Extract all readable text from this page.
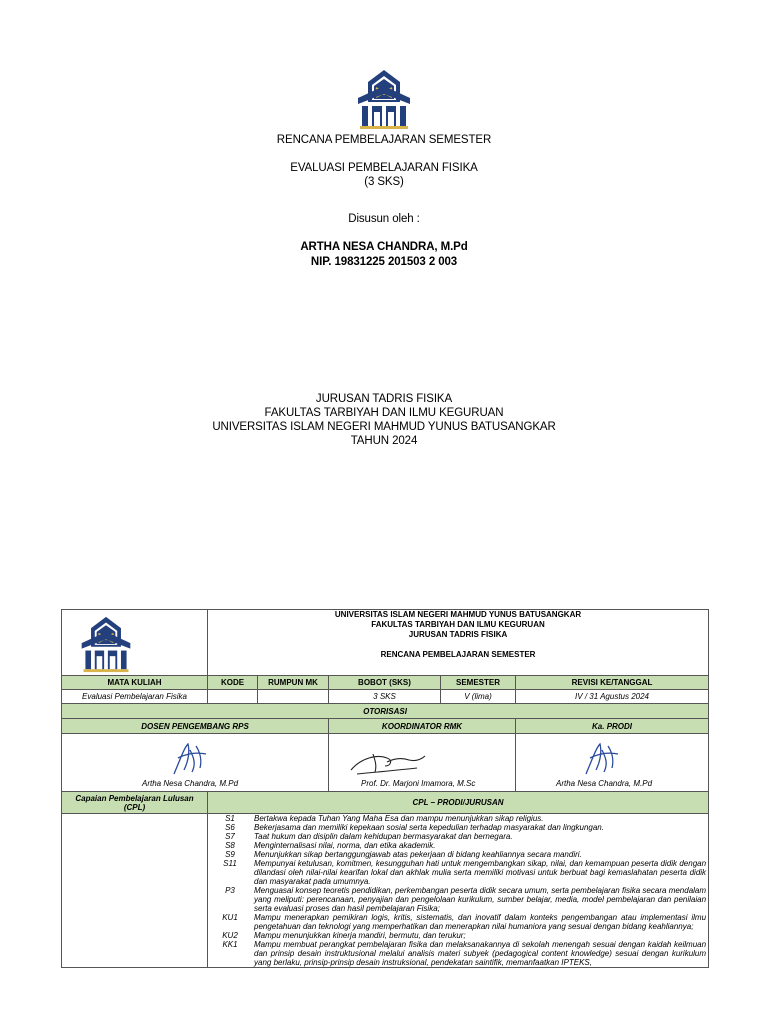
RENCANA PEMBELAJARAN SEMESTER
EVALUASI PEMBELAJARAN FISIKA
(3 SKS)
Disusun oleh :
ARTHA NESA CHANDRA, M.Pd
NIP. 19831225 201503 2 003
JURUSAN TADRIS FISIKA
FAKULTAS TARBIYAH DAN ILMU KEGURUAN
UNIVERSITAS ISLAM NEGERI MAHMUD YUNUS BATUSANGKAR
TAHUN 2024

UNIVERSITAS ISLAM NEGERI MAHMUD YUNUS BATUSANGKAR
FAKULTAS TARBIYAH DAN ILMU KEGURUAN
JURUSAN TADRIS FISIKA
RENCANA PEMBELAJARAN SEMESTER

MATA KULIAH	KODE	RUMPUN MK	BOBOT (SKS)	SEMESTER	REVISI KE/TANGGAL
Evaluasi Pembelajaran Fisika			3 SKS	V (lima)	IV / 31 Agustus 2024
OTORISASI
DOSEN PENGEMBANG RPS	KOORDINATOR RMK	Ka. PRODI

Artha Nesa Chandra, M.Pd	Prof. Dr. Marjoni Imamora, M.Sc	Artha Nesa Chandra, M.Pd

Capaian Pembelajaran Lulusan (CPL)	CPL – PRODI/JURUSAN

S1	Bertakwa kepada Tuhan Yang Maha Esa dan mampu menunjukkan sikap religius.
S6	Bekerjasama dan memiliki kepekaan sosial serta kepedulian terhadap masyarakat dan lingkungan.
S7	Taat hukum dan disiplin dalam kehidupan bermasyarakat dan bernegara.
S8	Menginternalisasi nilai, norma, dan etika akademik.
S9	Menunjukkan sikap bertanggungjawab atas pekerjaan di bidang keahliannya secara mandiri.
S11	Mempunyai ketulusan, komitmen, kesungguhan hati untuk mengembangkan sikap, nilai, dan kemampuan peserta didik dengan dilandasi oleh nilai-nilai kearifan lokal dan akhlak mulia serta memiliki motivasi untuk berbuat bagi kemaslahatan peserta didik dan masyarakat pada umumnya.
P3	Menguasai konsep teoretis pendidikan, perkembangan peserta didik secara umum, serta pembelajaran fisika secara mendalam yang meliputi: perencanaan, penyajian dan pengelolaan kurikulum, sumber belajar, media, model pembelajaran dan penilaian serta evaluasi proses dan hasil pembelajaran Fisika;
KU1	Mampu menerapkan pemikiran logis, kritis, sistematis, dan inovatif dalam konteks pengembangan atau implementasi ilmu pengetahuan dan teknologi yang memperhatikan dan menerapkan nilai humaniora yang sesuai dengan bidang keahliannya;
KU2	Mampu menunjukkan kinerja mandiri, bermutu, dan terukur;
KK1	Mampu membuat perangkat pembelajaran fisika dan melaksanakannya di sekolah menengah sesuai dengan kaidah keilmuan dan prinsip desain instruktusional melalui analisis materi subyek (pedagogical content knowledge) sesuai dengan kurikulum yang berlaku, prinsip-prinsip desain instruksional, pendekatan saintifik, memanfaatkan IPTEKS,
